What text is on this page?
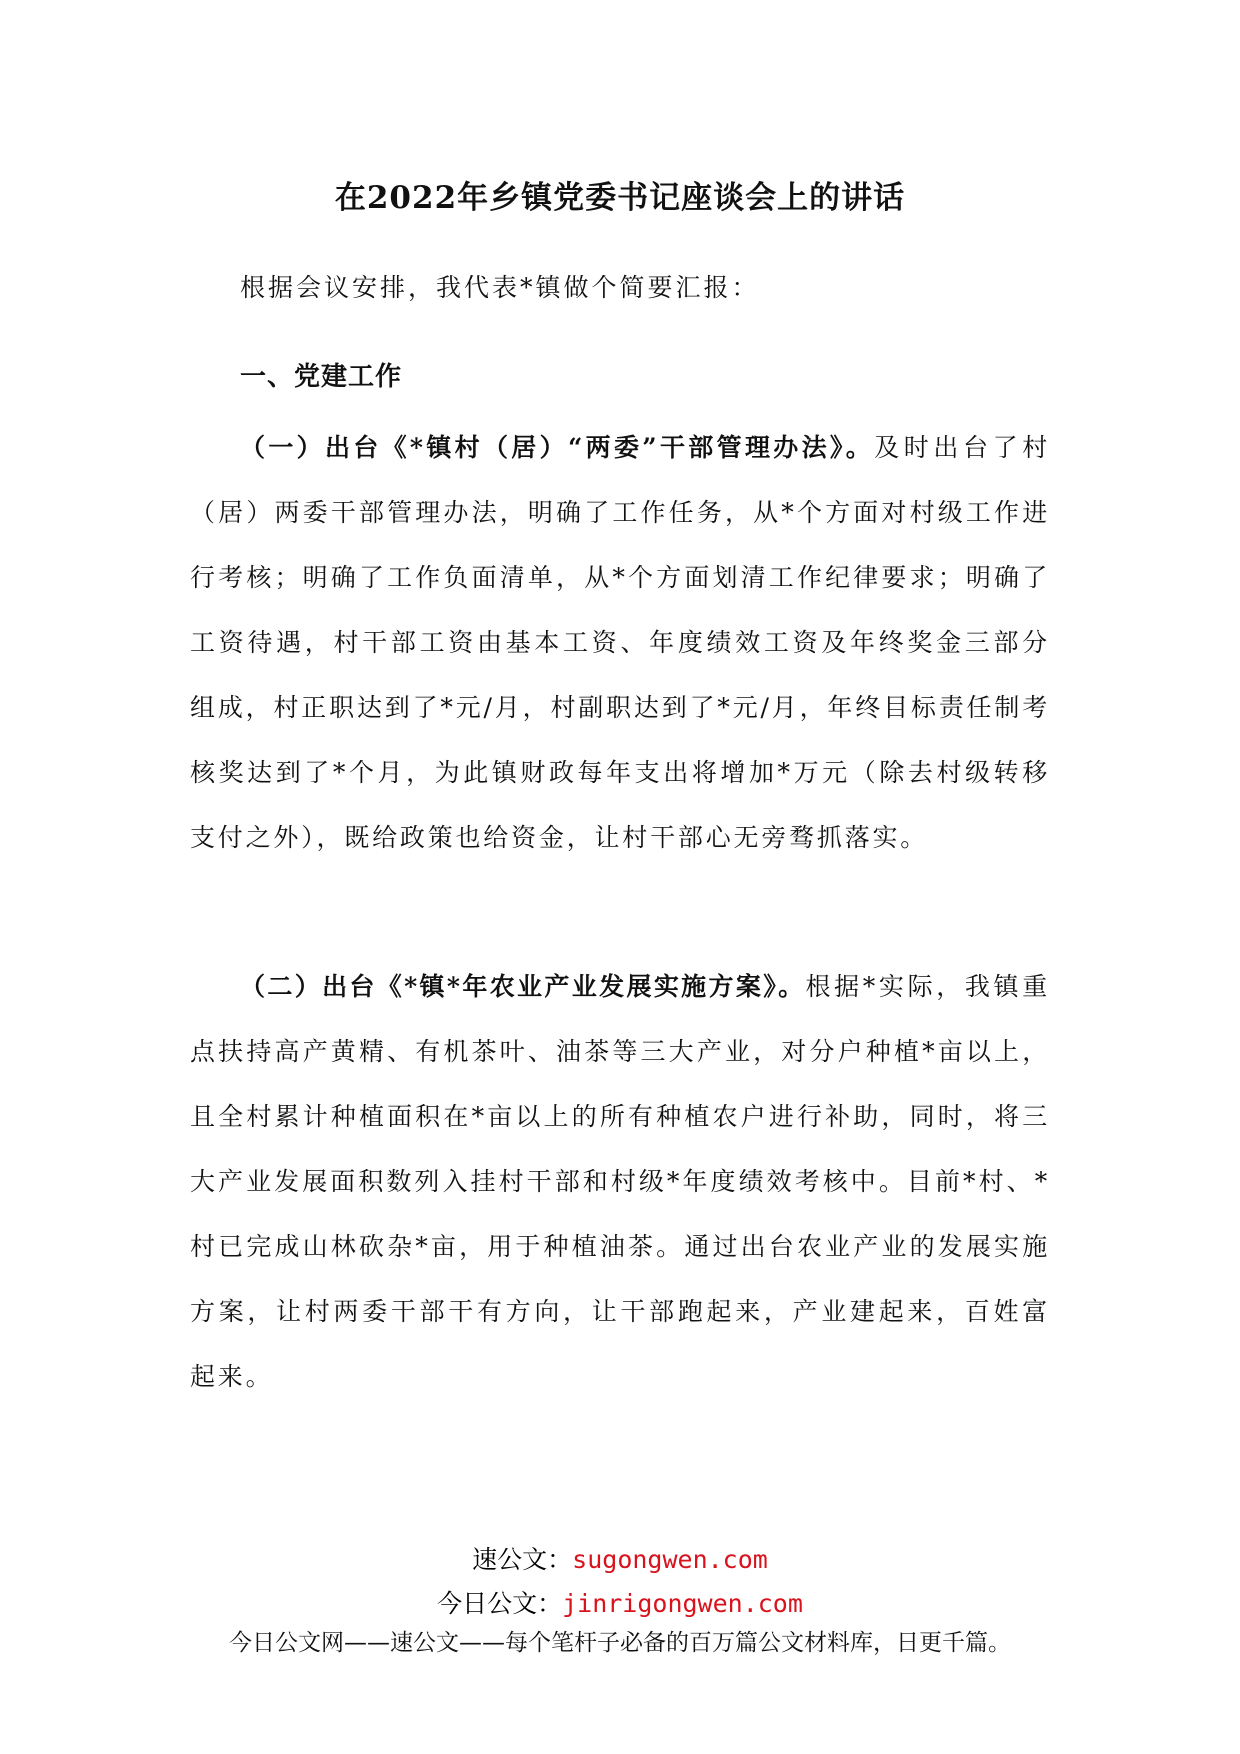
在2022年乡镇党委书记座谈会上的讲话
根据会议安排，我代表*镇做个简要汇报：
一、党建工作
（一）出台《*镇村（居）“两委”干部管理办法》。及时出台了村（居）两委干部管理办法，明确了工作任务，从*个方面对村级工作进行考核；明确了工作负面清单，从*个方面划清工作纪律要求；明确了工资待遇，村干部工资由基本工资、年度绩效工资及年终奖金三部分组成，村正职达到了*元/月，村副职达到了*元/月，年终目标责任制考核奖达到了*个月，为此镇财政每年支出将增加*万元（除去村级转移支付之外），既给政策也给资金，让村干部心无旁骛抓落实。
（二）出台《*镇*年农业产业发展实施方案》。根据*实际，我镇重点扶持高产黄精、有机茶叶、油茶等三大产业，对分户种植*亩以上，且全村累计种植面积在*亩以上的所有种植农户进行补助，同时，将三大产业发展面积数列入挂村干部和村级*年度绩效考核中。目前*村、*村已完成山林砍杂*亩，用于种植油茶。通过出台农业产业的发展实施方案，让村两委干部干有方向，让干部跑起来，产业建起来，百姓富起来。
速公文：sugongwen.com
今日公文：jinrigongwen.com
今日公文网——速公文——每个笔杆子必备的百万篇公文材料库，日更千篇。
